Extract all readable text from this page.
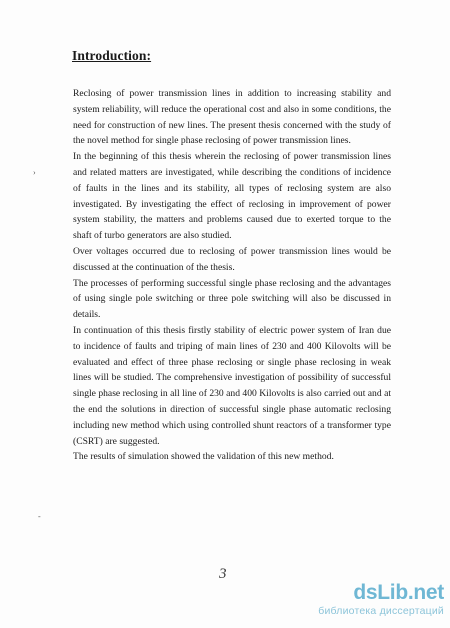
Introduction:

Reclosing of power transmission lines in addition to increasing stability and system reliability, will reduce the operational cost and also in some conditions, the need for construction of new lines. The present thesis concerned with the study of the novel method for single phase reclosing of power transmission lines.

In the beginning of this thesis wherein the reclosing of power transmission lines and related matters are investigated, while describing the conditions of incidence of faults in the lines and its stability, all types of reclosing system are also investigated. By investigating the effect of reclosing in improvement of power system stability, the matters and problems caused due to exerted torque to the shaft of turbo generators are also studied.

Over voltages occurred due to reclosing of power transmission lines would be discussed at the continuation of the thesis.

The processes of performing successful single phase reclosing and the advantages of using single pole switching or three pole switching will also be discussed in details.

In continuation of this thesis firstly stability of electric power system of Iran due to incidence of faults and triping of main lines of 230 and 400 Kilovolts will be evaluated and effect of three phase reclosing or single phase reclosing in weak lines will be studied. The comprehensive investigation of possibility of successful single phase reclosing in all line of 230 and 400 Kilovolts is also carried out and at the end the solutions in direction of successful single phase automatic reclosing including new method which using controlled shunt reactors of a transformer type (CSRT) are suggested.

The results of simulation showed the validation of this new method.

›
-
3
dsLib.net
библиотека диссертаций
